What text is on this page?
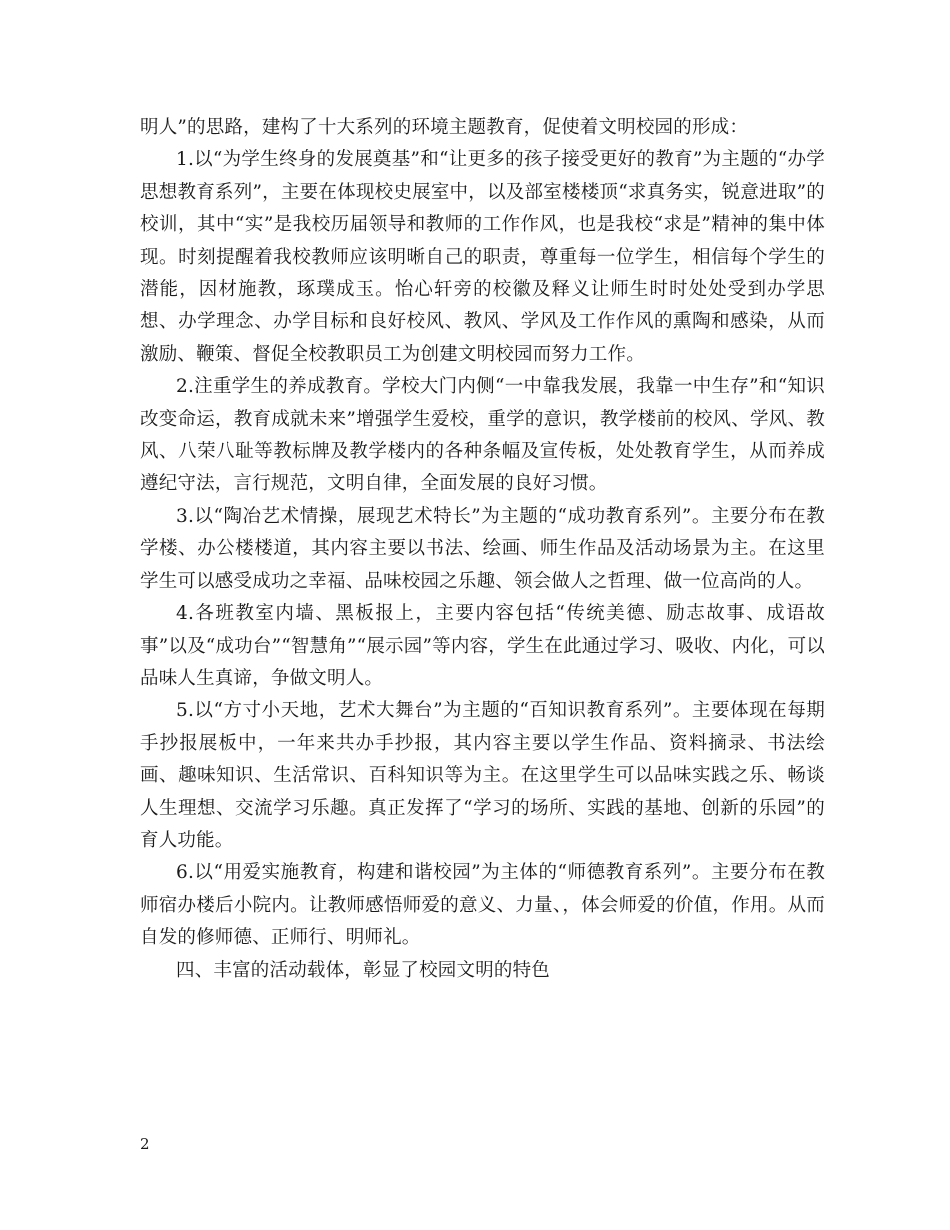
明人”的思路，建构了十大系列的环境主题教育，促使着文明校园的形成：

1.以“为学生终身的发展奠基”和“让更多的孩子接受更好的教育”为主题的“办学思想教育系列”，主要在体现校史展室中，以及部室楼楼顶“求真务实，锐意进取”的校训，其中“实”是我校历届领导和教师的工作作风，也是我校“求是”精神的集中体现。时刻提醒着我校教师应该明晰自己的职责，尊重每一位学生，相信每个学生的潜能，因材施教，琢璞成玉。怡心轩旁的校徽及释义让师生时时处处受到办学思想、办学理念、办学目标和良好校风、教风、学风及工作作风的熏陶和感染，从而激励、鞭策、督促全校教职员工为创建文明校园而努力工作。

2.注重学生的养成教育。学校大门内侧“一中靠我发展，我靠一中生存”和“知识改变命运，教育成就未来”增强学生爱校，重学的意识，教学楼前的校风、学风、教风、八荣八耻等教标牌及教学楼内的各种条幅及宣传板，处处教育学生，从而养成遵纪守法，言行规范，文明自律，全面发展的良好习惯。

3.以“陶冶艺术情操，展现艺术特长”为主题的“成功教育系列”。主要分布在教学楼、办公楼楼道，其内容主要以书法、绘画、师生作品及活动场景为主。在这里学生可以感受成功之幸福、品味校园之乐趣、领会做人之哲理、做一位高尚的人。

4.各班教室内墙、黑板报上，主要内容包括“传统美德、励志故事、成语故事”以及“成功台”“智慧角”“展示园”等内容，学生在此通过学习、吸收、内化，可以品味人生真谛，争做文明人。

5.以“方寸小天地，艺术大舞台”为主题的“百知识教育系列”。主要体现在每期手抄报展板中，一年来共办手抄报，其内容主要以学生作品、资料摘录、书法绘画、趣味知识、生活常识、百科知识等为主。在这里学生可以品味实践之乐、畅谈人生理想、交流学习乐趣。真正发挥了“学习的场所、实践的基地、创新的乐园”的育人功能。

6.以“用爱实施教育，构建和谐校园”为主体的“师德教育系列”。主要分布在教师宿办楼后小院内。让教师感悟师爱的意义、力量、，体会师爱的价值，作用。从而自发的修师德、正师行、明师礼。

四、丰富的活动载体，彰显了校园文明的特色

2
